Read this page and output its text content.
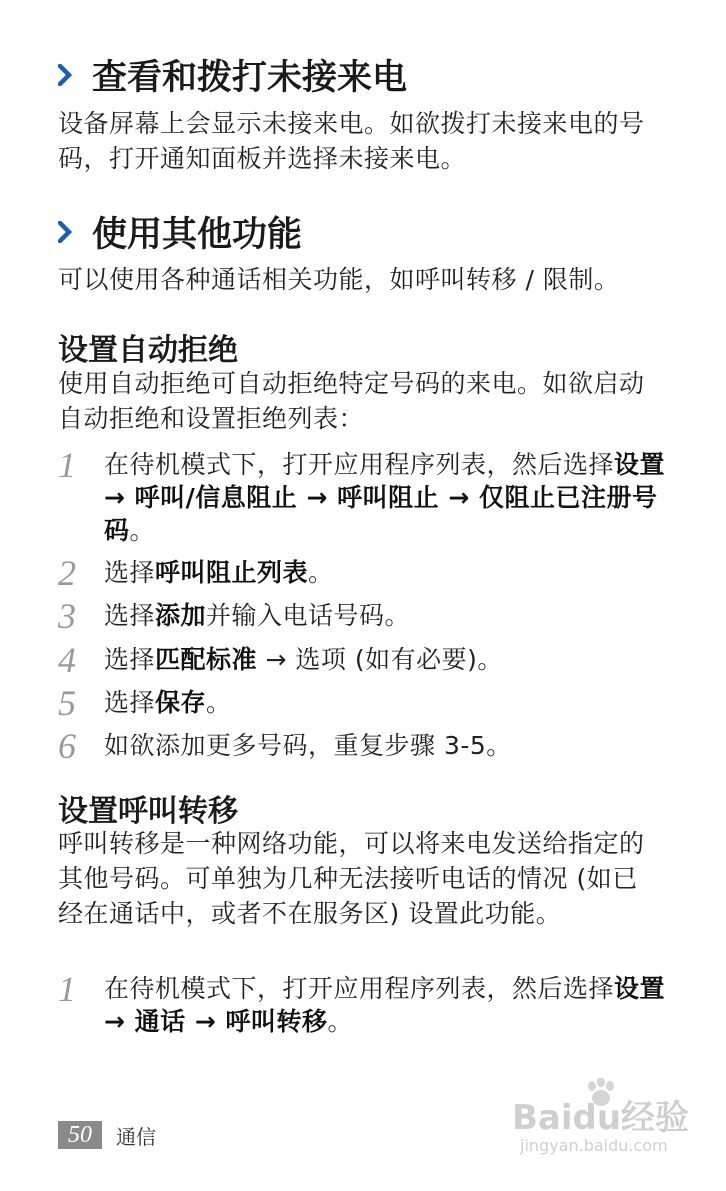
查看和拨打未接来电
设备屏幕上会显示未接来电。如欲拨打未接来电的号码，打开通知面板并选择未接来电。
使用其他功能
可以使用各种通话相关功能，如呼叫转移 / 限制。
设置自动拒绝
使用自动拒绝可自动拒绝特定号码的来电。如欲启动自动拒绝和设置拒绝列表：
1 在待机模式下，打开应用程序列表，然后选择设置 → 呼叫/信息阻止 → 呼叫阻止 → 仅阻止已注册号码。
2 选择呼叫阻止列表。
3 选择添加并输入电话号码。
4 选择匹配标准 → 选项 (如有必要)。
5 选择保存。
6 如欲添加更多号码，重复步骤 3-5。
设置呼叫转移
呼叫转移是一种网络功能，可以将来电发送给指定的其他号码。可单独为几种无法接听电话的情况 (如已经在通话中，或者不在服务区) 设置此功能。
1 在待机模式下，打开应用程序列表，然后选择设置 → 通话 → 呼叫转移。
50	通信	Baidu经验
jingyan.baidu.com
